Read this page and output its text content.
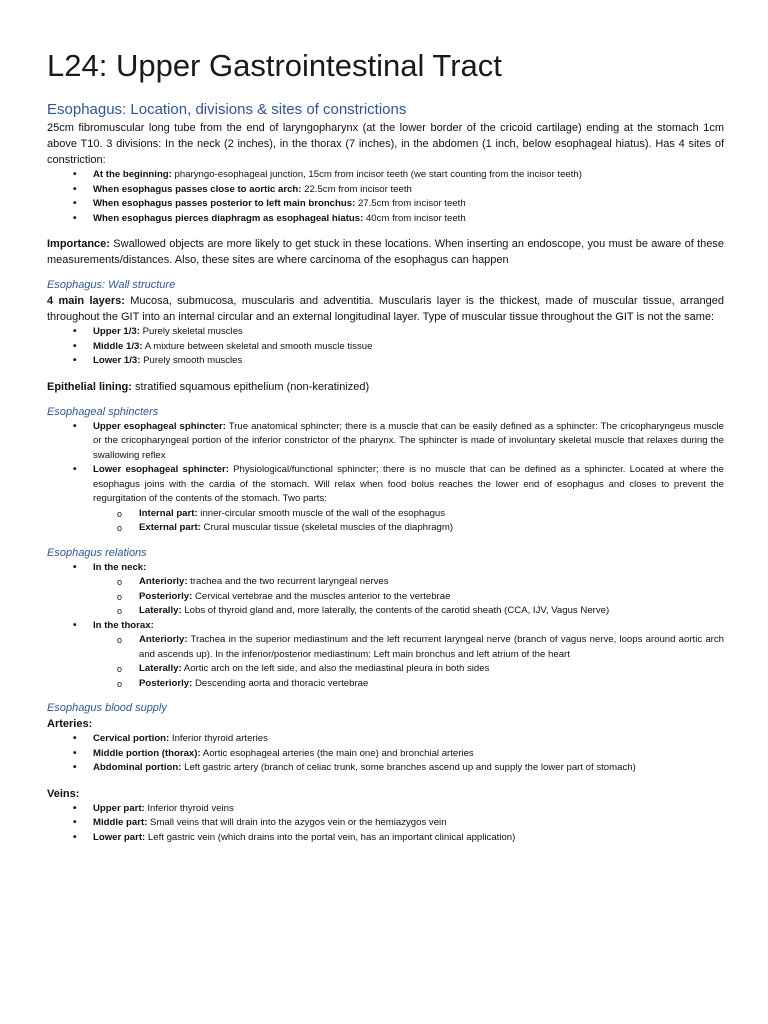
L24: Upper Gastrointestinal Tract
Esophagus: Location, divisions & sites of constrictions

25cm fibromuscular long tube from the end of laryngopharynx (at the lower border of the cricoid cartilage) ending at the stomach 1cm above T10. 3 divisions: In the neck (2 inches), in the thorax (7 inches), in the abdomen (1 inch, below esophageal hiatus). Has 4 sites of constriction:

• At the beginning: pharyngo-esophageal junction, 15cm from incisor teeth (we start counting from the incisor teeth)
• When esophagus passes close to aortic arch: 22.5cm from incisor teeth
• When esophagus passes posterior to left main bronchus: 27.5cm from incisor teeth
• When esophagus pierces diaphragm as esophageal hiatus: 40cm from incisor teeth

Importance: Swallowed objects are more likely to get stuck in these locations. When inserting an endoscope, you must be aware of these measurements/distances. Also, these sites are where carcinoma of the esophagus can happen

Esophagus: Wall structure

4 main layers: Mucosa, submucosa, muscularis and adventitia. Muscularis layer is the thickest, made of muscular tissue, arranged throughout the GIT into an internal circular and an external longitudinal layer. Type of muscular tissue throughout the GIT is not the same:

• Upper 1/3: Purely skeletal muscles
• Middle 1/3: A mixture between skeletal and smooth muscle tissue
• Lower 1/3: Purely smooth muscles

Epithelial lining: stratified squamous epithelium (non-keratinized)

Esophageal sphincters
• Upper esophageal sphincter: True anatomical sphincter; there is a muscle that can be easily defined as a sphincter: The cricopharyngeus muscle or the cricopharyngeal portion of the inferior constrictor of the pharynx. The sphincter is made of involuntary skeletal muscle that relaxes during the swallowing reflex
• Lower esophageal sphincter: Physiological/functional sphincter; there is no muscle that can be defined as a sphincter. Located at where the esophagus joins with the cardia of the stomach. Will relax when food bolus reaches the lower end of esophagus and closes to prevent the regurgitation of the contents of the stomach. Two parts:
o Internal part: inner-circular smooth muscle of the wall of the esophagus
o External part: Crural muscular tissue (skeletal muscles of the diaphragm)
Esophagus relations
• In the neck:
o Anteriorly: trachea and the two recurrent laryngeal nerves
o Posteriorly: Cervical vertebrae and the muscles anterior to the vertebrae
o Laterally: Lobs of thyroid gland and, more laterally, the contents of the carotid sheath (CCA, IJV, Vagus Nerve)
• In the thorax:
o Anteriorly: Trachea in the superior mediastinum and the left recurrent laryngeal nerve (branch of vagus nerve, loops around aortic arch and ascends up). In the inferior/posterior mediastinum: Left main bronchus and left atrium of the heart
o Laterally: Aortic arch on the left side, and also the mediastinal pleura in both sides
o Posteriorly: Descending aorta and thoracic vertebrae
Esophagus blood supply

Arteries:

• Cervical portion: Inferior thyroid arteries
• Middle portion (thorax): Aortic esophageal arteries (the main one) and bronchial arteries
• Abdominal portion: Left gastric artery (branch of celiac trunk, some branches ascend up and supply the lower part of stomach)

Veins:

• Upper part: Inferior thyroid veins
• Middle part: Small veins that will drain into the azygos vein or the hemiazygos vein
• Lower part: Left gastric vein (which drains into the portal vein, has an important clinical application)
